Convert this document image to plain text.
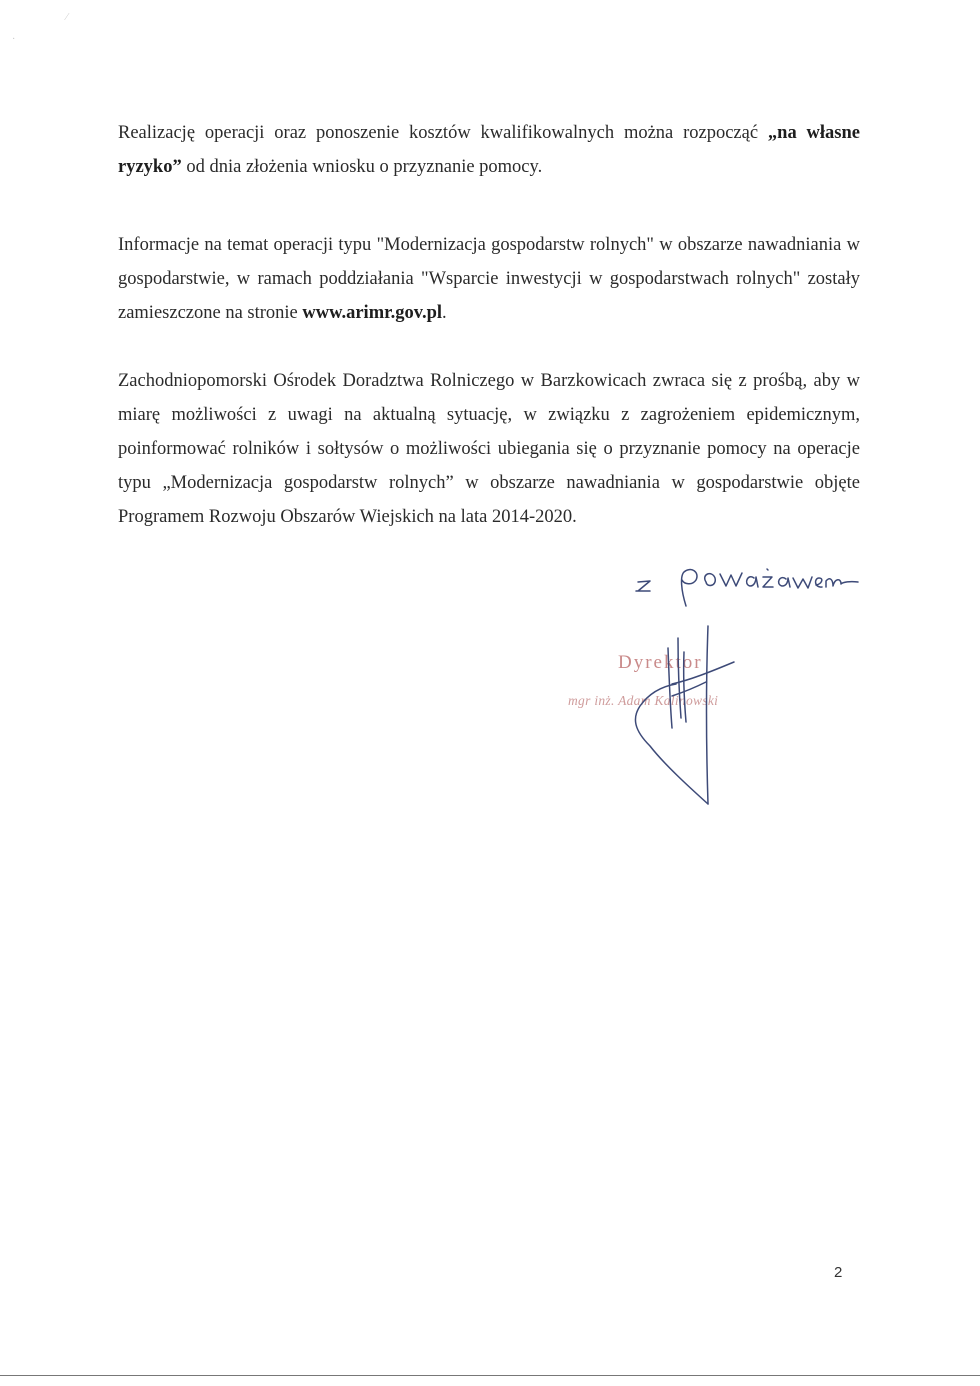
⁄
·

Realizację operacji oraz ponoszenie kosztów kwalifikowalnych można rozpocząć „na własne ryzyko” od dnia złożenia wniosku o przyznanie pomocy.

Informacje na temat operacji typu "Modernizacja gospodarstw rolnych" w obszarze nawadniania w gospodarstwie, w ramach poddziałania "Wsparcie inwestycji w gospodarstwach rolnych" zostały zamieszczone na stronie www.arimr.gov.pl.

Zachodniopomorski Ośrodek Doradztwa Rolniczego w Barzkowicach zwraca się z prośbą, aby w miarę możliwości z uwagi na aktualną sytuację, w związku z zagrożeniem epidemicznym, poinformować rolników i sołtysów o możliwości ubiegania się o przyznanie pomocy na operacje typu „Modernizacja gospodarstw rolnych” w obszarze nawadniania w gospodarstwie objęte Programem Rozwoju Obszarów Wiejskich na lata 2014-2020.

Dyrektor
mgr inż. Adam Kalinowski
2
